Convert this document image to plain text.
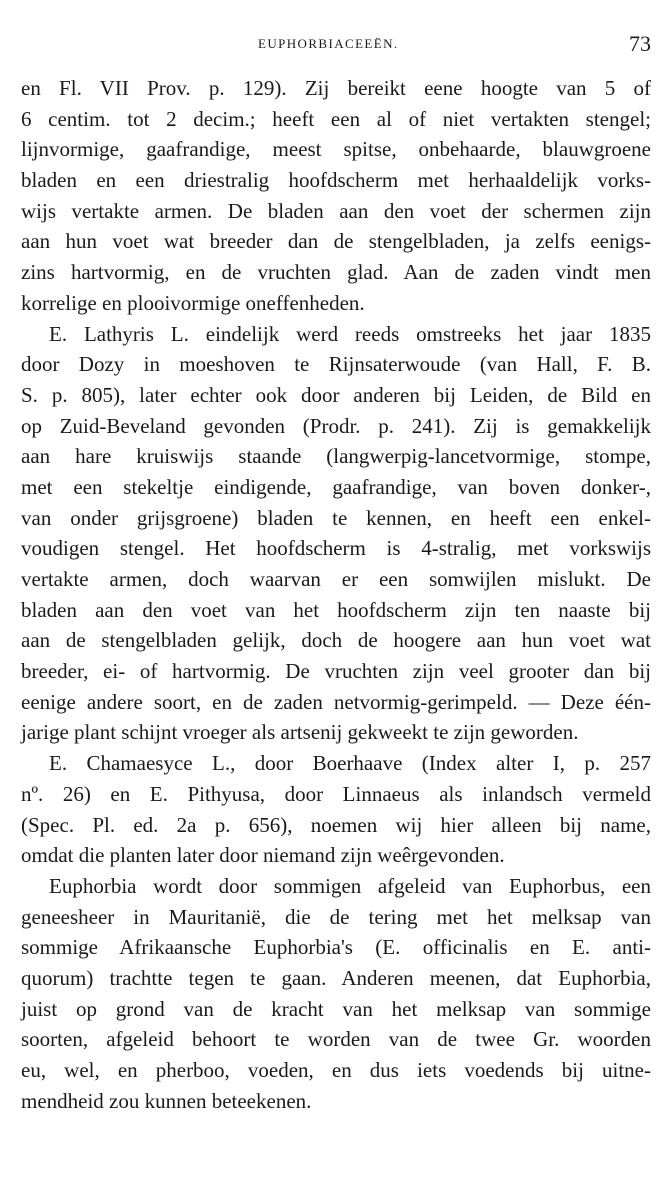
EUPHORBIACEEËN.	73
en Fl. VII Prov. p. 129). Zij bereikt eene hoogte van 5 of
6 centim. tot 2 decim.; heeft een al of niet vertakten stengel;
lijnvormige, gaafrandige, meest spitse, onbehaarde, blauwgroene
bladen en een driestralig hoofdscherm met herhaaldelijk vorks-
wijs vertakte armen. De bladen aan den voet der schermen zijn
aan hun voet wat breeder dan de stengelbladen, ja zelfs eenigs-
zins hartvormig, en de vruchten glad. Aan de zaden vindt men
korrelige en plooivormige oneffenheden.
E. Lathyris L. eindelijk werd reeds omstreeks het jaar 1835
door Dozy in moeshoven te Rijnsaterwoude (van Hall, F. B.
S. p. 805), later echter ook door anderen bij Leiden, de Bild en
op Zuid-Beveland gevonden (Prodr. p. 241). Zij is gemakkelijk
aan hare kruiswijs staande (langwerpig-lancetvormige, stompe,
met een stekeltje eindigende, gaafrandige, van boven donker-,
van onder grijsgroene) bladen te kennen, en heeft een enkel-
voudigen stengel. Het hoofdscherm is 4-stralig, met vorkswijs
vertakte armen, doch waarvan er een somwijlen mislukt. De
bladen aan den voet van het hoofdscherm zijn ten naaste bij
aan de stengelbladen gelijk, doch de hoogere aan hun voet wat
breeder, ei- of hartvormig. De vruchten zijn veel grooter dan bij
eenige andere soort, en de zaden netvormig-gerimpeld. — Deze één-
jarige plant schijnt vroeger als artsenij gekweekt te zijn geworden.
E. Chamaesyce L., door Boerhaave (Index alter I, p. 257
nº. 26) en E. Pithyusa, door Linnaeus als inlandsch vermeld
(Spec. Pl. ed. 2a p. 656), noemen wij hier alleen bij name,
omdat die planten later door niemand zijn weêrgevonden.
Euphorbia wordt door sommigen afgeleid van Euphorbus, een
geneesheer in Mauritanië, die de tering met het melksap van
sommige Afrikaansche Euphorbia's (E. officinalis en E. anti-
quorum) trachtte tegen te gaan. Anderen meenen, dat Euphorbia,
juist op grond van de kracht van het melksap van sommige
soorten, afgeleid behoort te worden van de twee Gr. woorden
eu, wel, en pherboo, voeden, en dus iets voedends bij uitne-
mendheid zou kunnen beteekenen.
